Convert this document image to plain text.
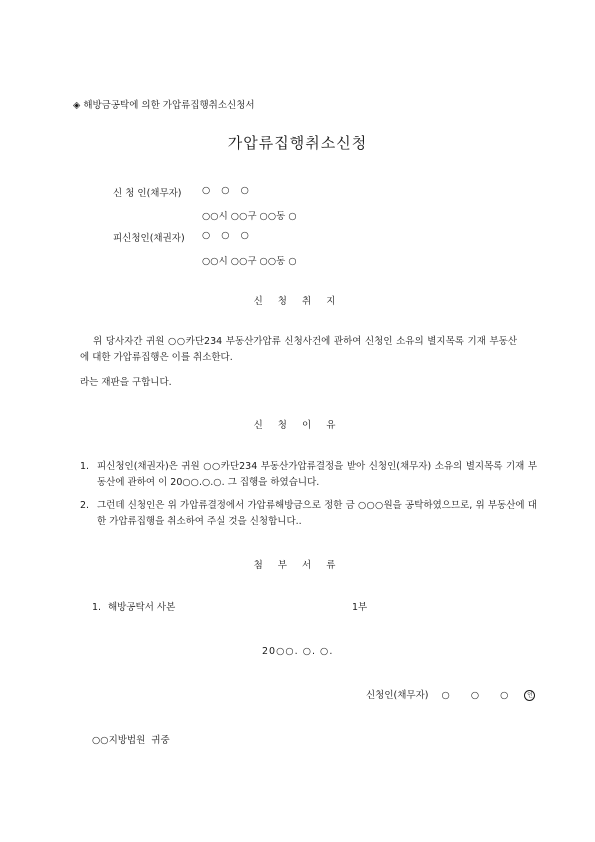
◈ 해방금공탁에 의한 가압류집행취소신청서
가압류집행취소신청
신 청 인(채무자) ○ ○ ○
○○시 ○○구 ○○동 ○
피신청인(채권자) ○ ○ ○
○○시 ○○구 ○○동 ○
신 청 취 지
위 당사자간 귀원 ○○카단234 부동산가압류 신청사건에 관하여 신청인 소유의 별지목록 기재 부동산에 대한 가압류집행은 이를 취소한다.
라는 재판을 구합니다.
신 청 이 유
1. 피신청인(채권자)은 귀원 ○○카단234 부동산가압류결정을 받아 신청인(채무자) 소유의 별지목록 기재 부동산에 관하여 이 20○○.○.○. 그 집행을 하였습니다.
2. 그런데 신청인은 위 가압류결정에서 가압류해방금으로 정한 금 ○○○원을 공탁하였으므로, 위 부동산에 대한 가압류집행을 취소하여 주실 것을 신청합니다..
첨 부 서 류
1. 해방공탁서 사본	1부
20○○. ○. ○.
신청인(채무자) ○ ○ ○ 인
○○지방법원  귀중
